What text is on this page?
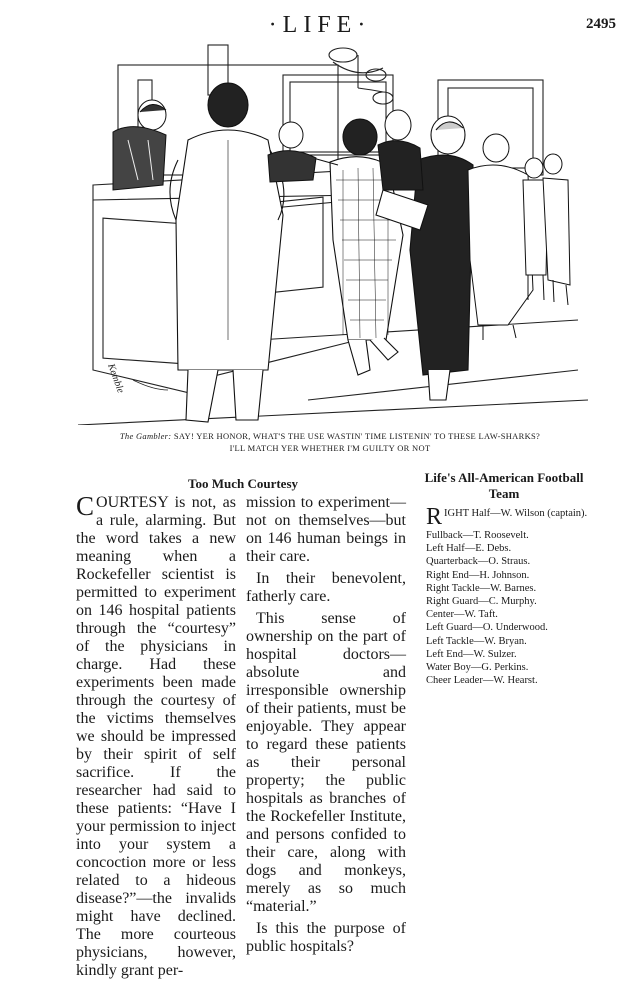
·LIFE·	2495
Kemble
The Gambler: SAY! YER HONOR, WHAT'S THE USE WASTIN' TIME LISTENIN' TO THESE LAW-SHARKS?
I'LL MATCH YER WHETHER I'M GUILTY OR NOT
Too Much Courtesy

COURTESY is not, as a rule, alarming. But the word takes a new meaning when a Rockefeller scientist is permitted to experiment on 146 hospital patients through the “courtesy” of the physicians in charge. Had these experiments been made through the courtesy of the victims themselves we should be impressed by their spirit of self sacrifice. If the researcher had said to these patients: “Have I your permission to inject into your system a concoction more or less related to a hideous disease?”—the invalids might have declined. The more courteous physicians, however, kindly grant per-

mission to experiment—not on themselves—but on 146 human beings in their care.

In their benevolent, fatherly care.

This sense of ownership on the part of hospital doctors—absolute and irresponsible ownership of their patients, must be enjoyable. They appear to regard these patients as their personal property; the public hospitals as branches of the Rockefeller Institute, and persons confided to their care, along with dogs and monkeys, merely as so much “material.”

Is this the purpose of public hospitals?

Life's All-American Football Team
RIGHT Half—W. Wilson (captain).
Fullback—T. Roosevelt.
Left Half—E. Debs.
Quarterback—O. Straus.
Right End—H. Johnson.
Right Tackle—W. Barnes.
Right Guard—C. Murphy.
Center—W. Taft.
Left Guard—O. Underwood.
Left Tackle—W. Bryan.
Left End—W. Sulzer.
Water Boy—G. Perkins.
Cheer Leader—W. Hearst.
